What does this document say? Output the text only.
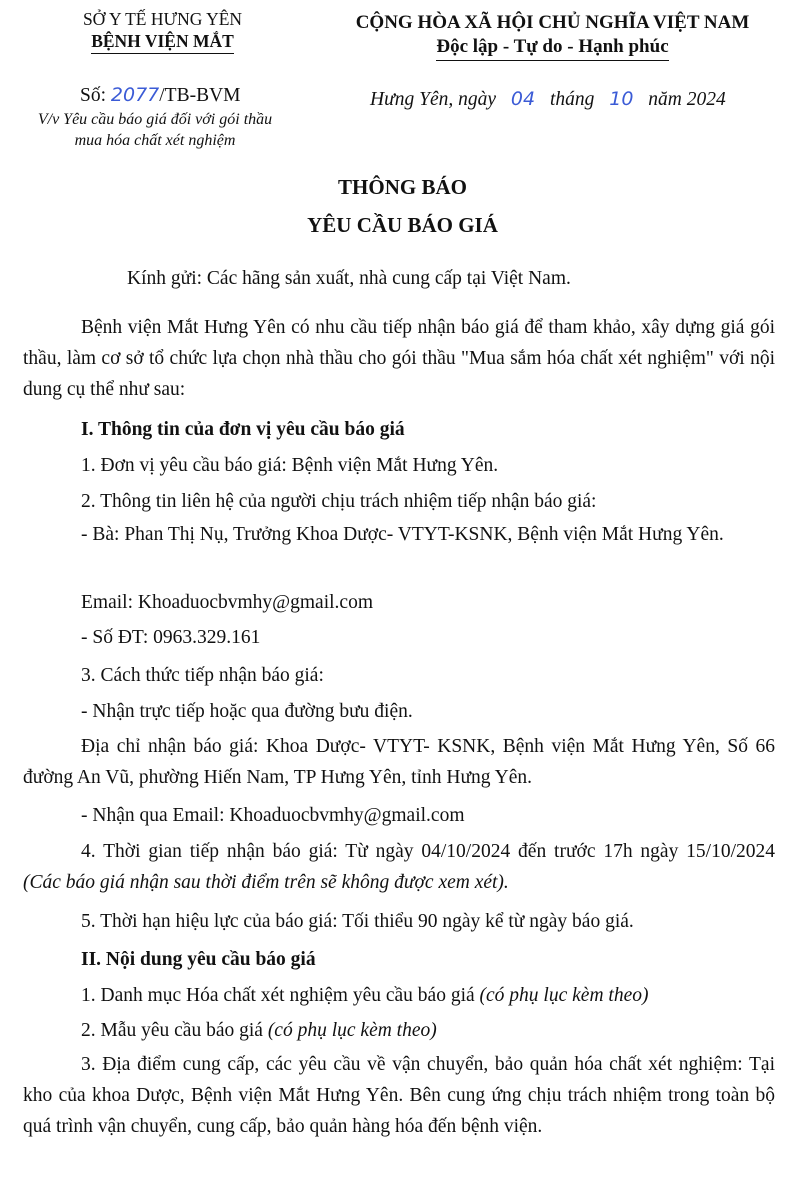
SỞ Y TẾ HƯNG YÊN
BỆNH VIỆN MẮT
Số: 2077/TB-BVM
V/v Yêu cầu báo giá đối với gói thầu
mua hóa chất xét nghiệm
CỘNG HÒA XÃ HỘI CHỦ NGHĨA VIỆT NAM
Độc lập - Tự do - Hạnh phúc
Hưng Yên, ngày 04 tháng 10 năm 2024
THÔNG BÁO
YÊU CẦU BÁO GIÁ
Kính gửi: Các hãng sản xuất, nhà cung cấp tại Việt Nam.
Bệnh viện Mắt Hưng Yên có nhu cầu tiếp nhận báo giá để tham khảo, xây dựng giá gói thầu, làm cơ sở tổ chức lựa chọn nhà thầu cho gói thầu "Mua sắm hóa chất xét nghiệm" với nội dung cụ thể như sau:
I. Thông tin của đơn vị yêu cầu báo giá
1. Đơn vị yêu cầu báo giá: Bệnh viện Mắt Hưng Yên.
2. Thông tin liên hệ của người chịu trách nhiệm tiếp nhận báo giá:
- Bà: Phan Thị Nụ, Trưởng Khoa Dược- VTYT-KSNK, Bệnh viện Mắt Hưng Yên.
Email: Khoaduocbvmhy@gmail.com
- Số ĐT: 0963.329.161
3. Cách thức tiếp nhận báo giá:
- Nhận trực tiếp hoặc qua đường bưu điện.
Địa chỉ nhận báo giá: Khoa Dược- VTYT- KSNK, Bệnh viện Mắt Hưng Yên, Số 66 đường An Vũ, phường Hiến Nam, TP Hưng Yên, tỉnh Hưng Yên.
- Nhận qua Email: Khoaduocbvmhy@gmail.com
4. Thời gian tiếp nhận báo giá: Từ ngày 04/10/2024 đến trước 17h ngày 15/10/2024 (Các báo giá nhận sau thời điểm trên sẽ không được xem xét).
5. Thời hạn hiệu lực của báo giá: Tối thiểu 90 ngày kể từ ngày báo giá.
II. Nội dung yêu cầu báo giá
1. Danh mục Hóa chất xét nghiệm yêu cầu báo giá (có phụ lục kèm theo)
2. Mẫu yêu cầu báo giá (có phụ lục kèm theo)
3. Địa điểm cung cấp, các yêu cầu về vận chuyển, bảo quản hóa chất xét nghiệm: Tại kho của khoa Dược, Bệnh viện Mắt Hưng Yên. Bên cung ứng chịu trách nhiệm trong toàn bộ quá trình vận chuyển, cung cấp, bảo quản hàng hóa đến bệnh viện.
